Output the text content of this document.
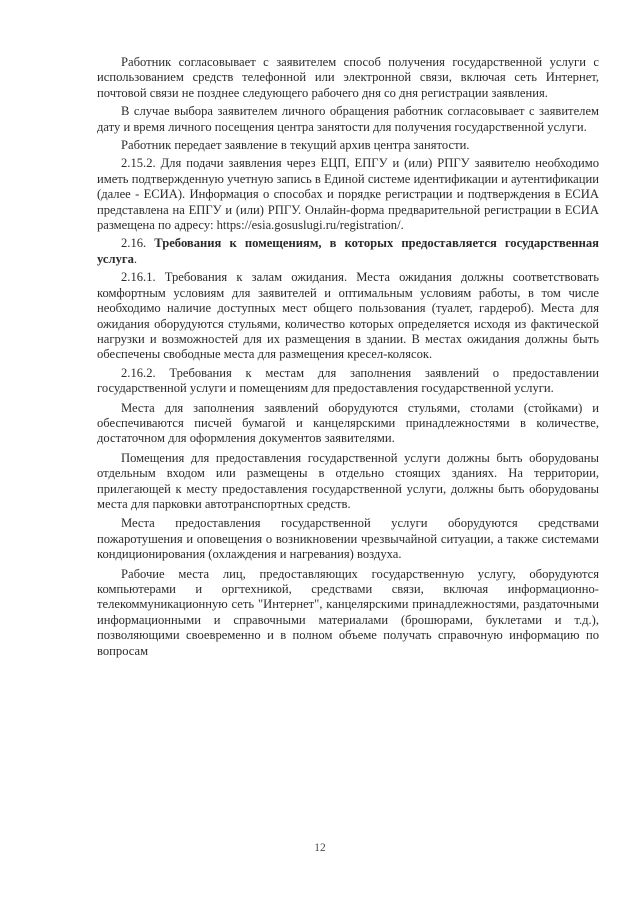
Работник согласовывает с заявителем способ получения государственной услуги с использованием средств телефонной или электронной связи, включая сеть Интернет, почтовой связи не позднее следующего рабочего дня со дня регистрации заявления.

В случае выбора заявителем личного обращения работник согласовывает с заявителем дату и время личного посещения центра занятости для получения государственной услуги.

Работник передает заявление в текущий архив центра занятости.

2.15.2. Для подачи заявления через ЕЦП, ЕПГУ и (или) РПГУ заявителю необходимо иметь подтвержденную учетную запись в Единой системе идентификации и аутентификации (далее - ЕСИА). Информация о способах и порядке регистрации и подтверждения в ЕСИА представлена на ЕПГУ и (или) РПГУ. Онлайн-форма предварительной регистрации в ЕСИА размещена по адресу: https://esia.gosuslugi.ru/registration/.

2.16. Требования к помещениям, в которых предоставляется государственная услуга.

2.16.1. Требования к залам ожидания. Места ожидания должны соответствовать комфортным условиям для заявителей и оптимальным условиям работы, в том числе необходимо наличие доступных мест общего пользования (туалет, гардероб). Места для ожидания оборудуются стульями, количество которых определяется исходя из фактической нагрузки и возможностей для их размещения в здании. В местах ожидания должны быть обеспечены свободные места для размещения кресел-колясок.

2.16.2. Требования к местам для заполнения заявлений о предоставлении государственной услуги и помещениям для предоставления государственной услуги.

Места для заполнения заявлений оборудуются стульями, столами (стойками) и обеспечиваются писчей бумагой и канцелярскими принадлежностями в количестве, достаточном для оформления документов заявителями.

Помещения для предоставления государственной услуги должны быть оборудованы отдельным входом или размещены в отдельно стоящих зданиях. На территории, прилегающей к месту предоставления государственной услуги, должны быть оборудованы места для парковки автотранспортных средств.

Места предоставления государственной услуги оборудуются средствами пожаротушения и оповещения о возникновении чрезвычайной ситуации, а также системами кондиционирования (охлаждения и нагревания) воздуха.

Рабочие места лиц, предоставляющих государственную услугу, оборудуются компьютерами и оргтехникой, средствами связи, включая информационно-телекоммуникационную сеть "Интернет", канцелярскими принадлежностями, раздаточными информационными и справочными материалами (брошюрами, буклетами и т.д.), позволяющими своевременно и в полном объеме получать справочную информацию по вопросам

12
